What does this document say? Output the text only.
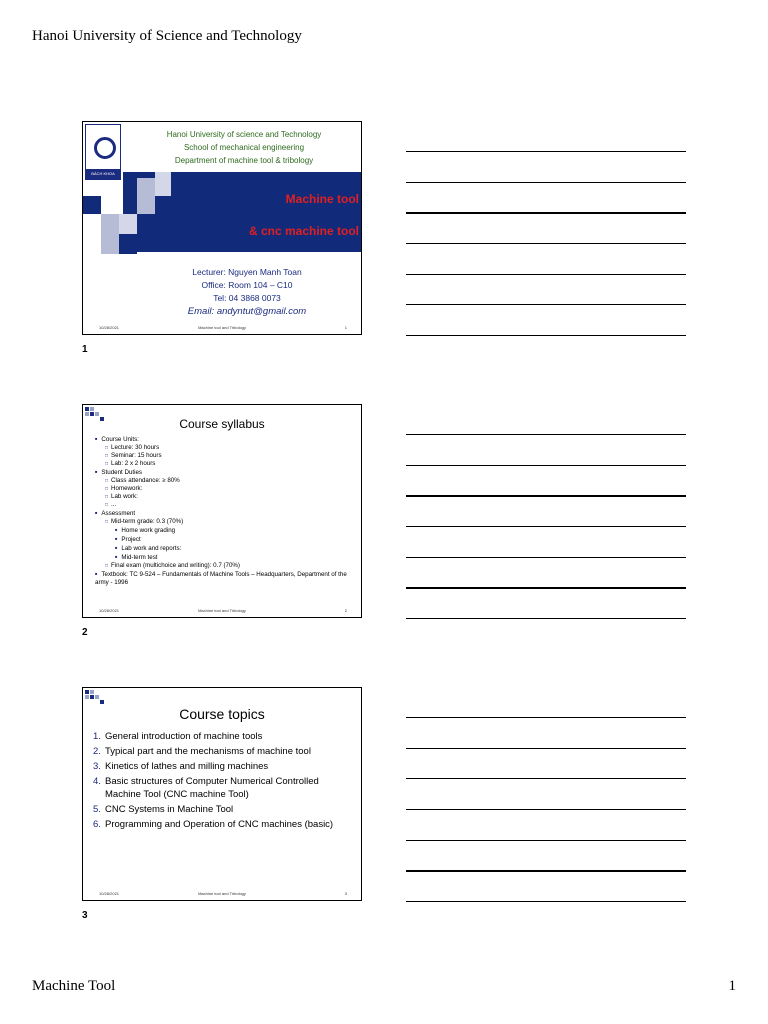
Hanoi University of Science and Technology
BÁCH KHOA
Hanoi University of science and Technology
School of mechanical engineering
Department of machine tool & tribology
Machine tool
& cnc machine tool
Lecturer: Nguyen Manh Toan
Office: Room 104 – C10
Tel: 04 3868 0073
Email: andyntut@gmail.com
10/28/2021	Machine tool and Tribology	1
1
Course syllabus
■ Course Units:
□ Lecture: 30 hours
□ Seminar: 15 hours
□ Lab: 2 x 2 hours
■ Student Duties
□ Class attendance: ≥ 80%
□ Homework:
□ Lab work:
□ ...
■ Assessment
□ Mid-term grade: 0.3 (70%)
■ Home work grading
■ Project
■ Lab work and reports:
■ Mid-term test
□ Final exam (multichoice and writing): 0.7 (70%)
■ Textbook: TC 9-524 – Fundamentals of Machine Tools – Headquarters, Department of the army - 1996
10/28/2021	Machine tool and Tribology	2
2
Course topics
1. General introduction of machine tools
2. Typical part and the mechanisms of machine tool
3. Kinetics of lathes and milling machines
4. Basic structures of Computer Numerical Controlled Machine Tool (CNC machine Tool)
5. CNC Systems in Machine Tool
6. Programming and Operation of CNC machines (basic)
10/28/2021	Machine tool and Tribology	3
3
Machine Tool	1
